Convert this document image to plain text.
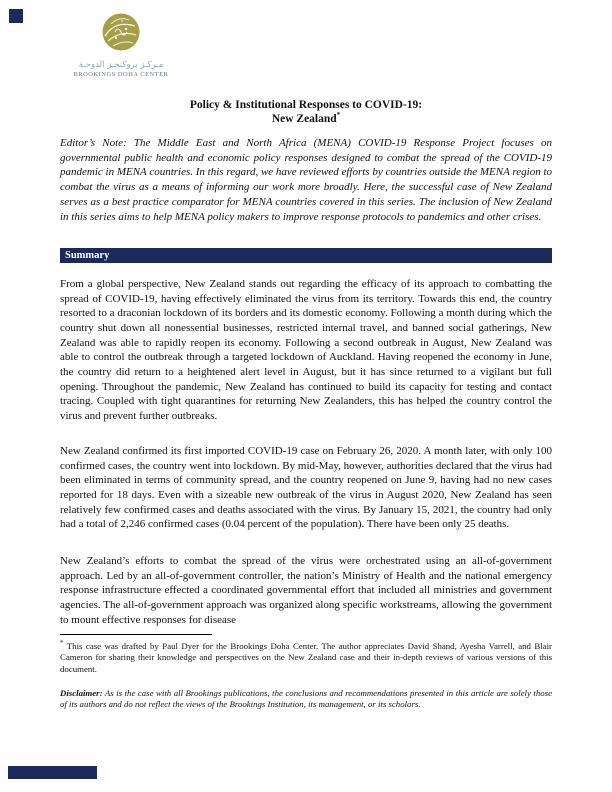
مـركـز بروكنجـز الدوحـة
BROOKINGS DOHA CENTER
Policy & Institutional Responses to COVID-19:
New Zealand*

Editor’s Note: The Middle East and North Africa (MENA) COVID-19 Response Project focuses on governmental public health and economic policy responses designed to combat the spread of the COVID-19 pandemic in MENA countries. In this regard, we have reviewed efforts by countries outside the MENA region to combat the virus as a means of informing our work more broadly. Here, the successful case of New Zealand serves as a best practice comparator for MENA countries covered in this series. The inclusion of New Zealand in this series aims to help MENA policy makers to improve response protocols to pandemics and other crises.

Summary

From a global perspective, New Zealand stands out regarding the efficacy of its approach to combatting the spread of COVID-19, having effectively eliminated the virus from its territory. Towards this end, the country resorted to a draconian lockdown of its borders and its domestic economy. Following a month during which the country shut down all nonessential businesses, restricted internal travel, and banned social gatherings, New Zealand was able to rapidly reopen its economy. Following a second outbreak in August, New Zealand was able to control the outbreak through a targeted lockdown of Auckland. Having reopened the economy in June, the country did return to a heightened alert level in August, but it has since returned to a vigilant but full opening. Throughout the pandemic, New Zealand has continued to build its capacity for testing and contact tracing. Coupled with tight quarantines for returning New Zealanders, this has helped the country control the virus and prevent further outbreaks.

New Zealand confirmed its first imported COVID-19 case on February 26, 2020. A month later, with only 100 confirmed cases, the country went into lockdown. By mid-May, however, authorities declared that the virus had been eliminated in terms of community spread, and the country reopened on June 9, having had no new cases reported for 18 days. Even with a sizeable new outbreak of the virus in August 2020, New Zealand has seen relatively few confirmed cases and deaths associated with the virus. By January 15, 2021, the country had only had a total of 2,246 confirmed cases (0.04 percent of the population). There have been only 25 deaths.

New Zealand’s efforts to combat the spread of the virus were orchestrated using an all-of-government approach. Led by an all-of-government controller, the nation’s Ministry of Health and the national emergency response infrastructure effected a coordinated governmental effort that included all ministries and government agencies. The all-of-government approach was organized along specific workstreams, allowing the government to mount effective responses for disease

* This case was drafted by Paul Dyer for the Brookings Doha Center. The author appreciates David Shand, Ayesha Varrell, and Blair Cameron for sharing their knowledge and perspectives on the New Zealand case and their in-depth reviews of various versions of this document.

Disclaimer: As is the case with all Brookings publications, the conclusions and recommendations presented in this article are solely those of its authors and do not reflect the views of the Brookings Institution, its management, or its scholars.
